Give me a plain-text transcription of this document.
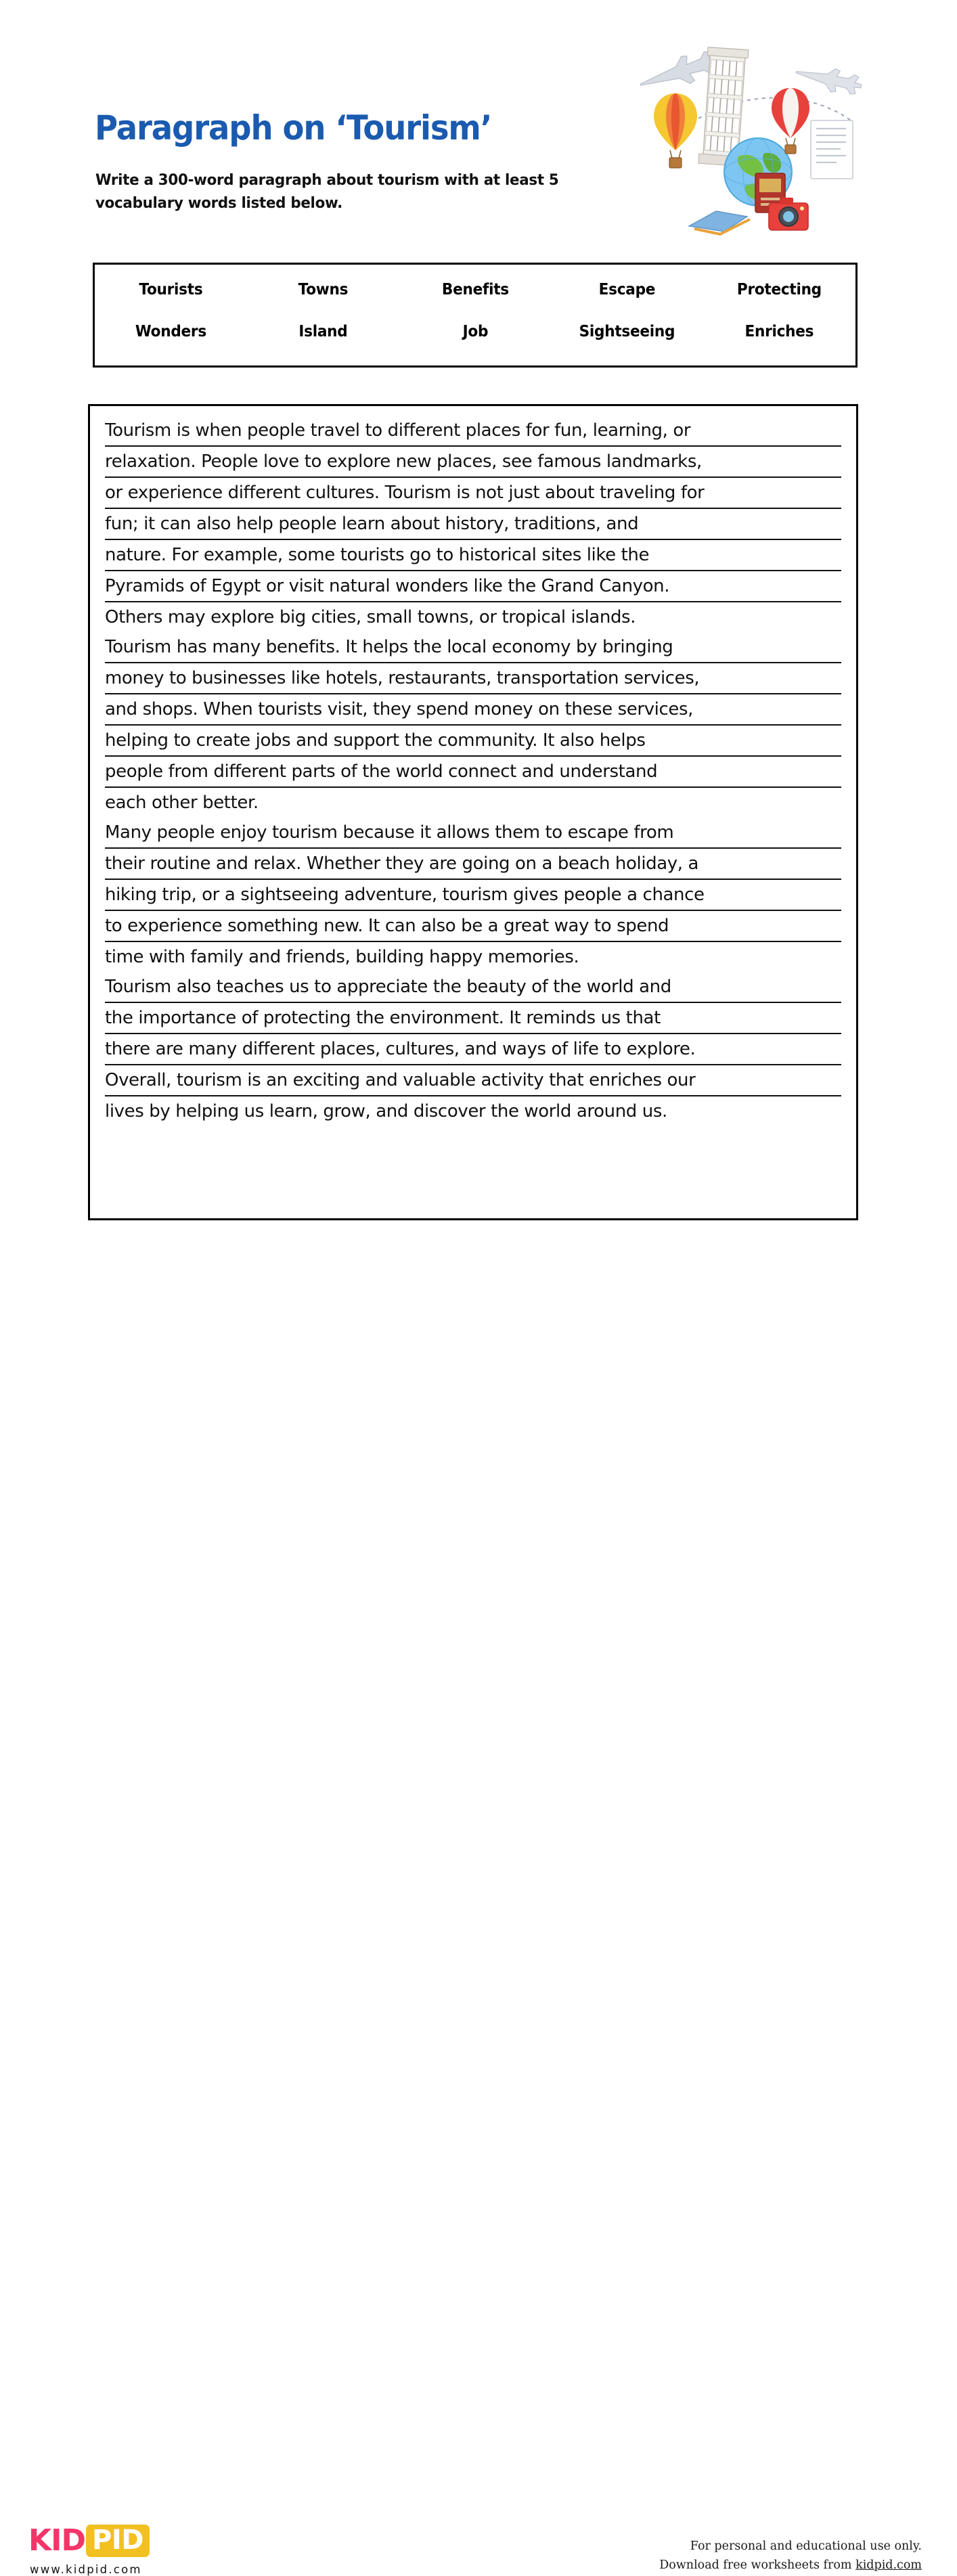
Paragraph on ‘Tourism’
Write a 300-word paragraph about tourism with at least 5 vocabulary words listed below.
Tourists	Towns	Benefits	Escape	Protecting
Wonders	Island	Job	Sightseeing	Enriches
Tourism is when people travel to different places for fun, learning, or
relaxation. People love to explore new places, see famous landmarks,
or experience different cultures. Tourism is not just about traveling for
fun; it can also help people learn about history, traditions, and
nature. For example, some tourists go to historical sites like the
Pyramids of Egypt or visit natural wonders like the Grand Canyon.
Others may explore big cities, small towns, or tropical islands.
Tourism has many benefits. It helps the local economy by bringing
money to businesses like hotels, restaurants, transportation services,
and shops. When tourists visit, they spend money on these services,
helping to create jobs and support the community. It also helps
people from different parts of the world connect and understand
each other better.
Many people enjoy tourism because it allows them to escape from
their routine and relax. Whether they are going on a beach holiday, a
hiking trip, or a sightseeing adventure, tourism gives people a chance
to experience something new. It can also be a great way to spend
time with family and friends, building happy memories.
Tourism also teaches us to appreciate the beauty of the world and
the importance of protecting the environment. It reminds us that
there are many different places, cultures, and ways of life to explore.
Overall, tourism is an exciting and valuable activity that enriches our
lives by helping us learn, grow, and discover the world around us.
KID PID
www.kidpid.com
For personal and educational use only.
Download free worksheets from kidpid.com
